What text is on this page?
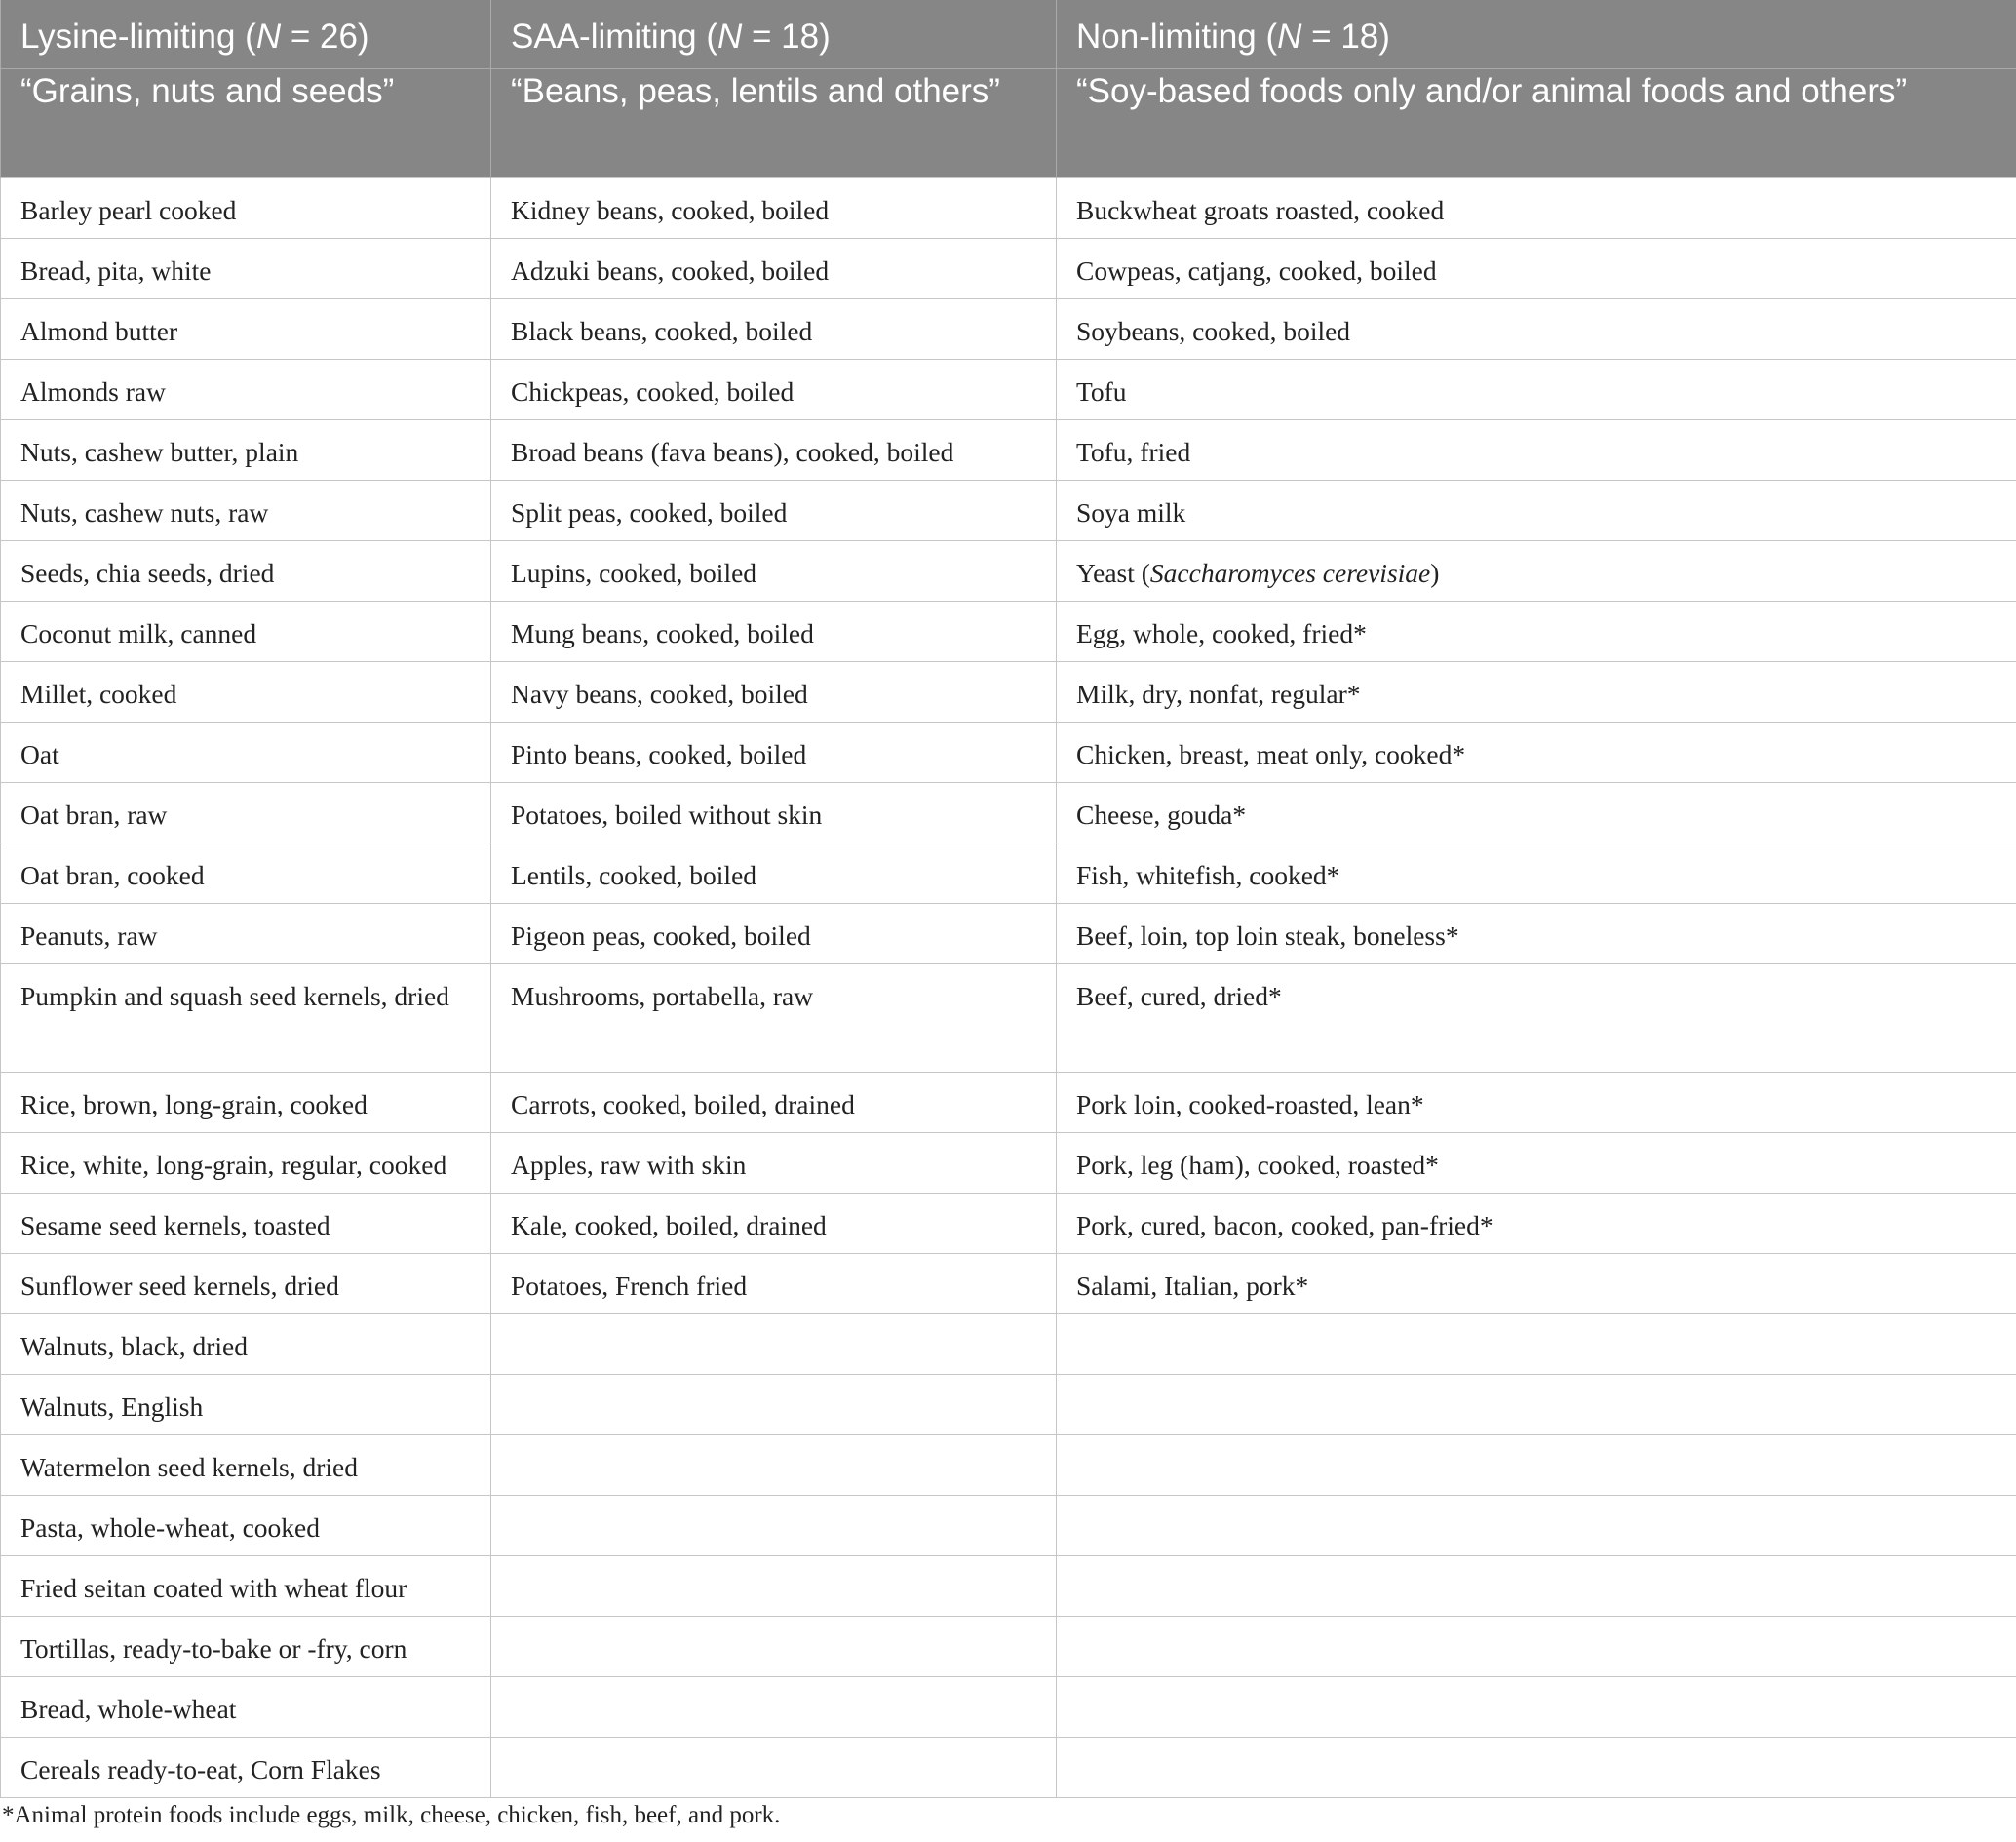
Lysine-limiting (N = 26)	SAA-limiting (N = 18)	Non-limiting (N = 18)
“Grains, nuts and seeds”	“Beans, peas, lentils and others”	“Soy-based foods only and/or animal foods and others”
Barley pearl cooked	Kidney beans, cooked, boiled	Buckwheat groats roasted, cooked
Bread, pita, white	Adzuki beans, cooked, boiled	Cowpeas, catjang, cooked, boiled
Almond butter	Black beans, cooked, boiled	Soybeans, cooked, boiled
Almonds raw	Chickpeas, cooked, boiled	Tofu
Nuts, cashew butter, plain	Broad beans (fava beans), cooked, boiled	Tofu, fried
Nuts, cashew nuts, raw	Split peas, cooked, boiled	Soya milk
Seeds, chia seeds, dried	Lupins, cooked, boiled	Yeast (Saccharomyces cerevisiae)
Coconut milk, canned	Mung beans, cooked, boiled	Egg, whole, cooked, fried*
Millet, cooked	Navy beans, cooked, boiled	Milk, dry, nonfat, regular*
Oat	Pinto beans, cooked, boiled	Chicken, breast, meat only, cooked*
Oat bran, raw	Potatoes, boiled without skin	Cheese, gouda*
Oat bran, cooked	Lentils, cooked, boiled	Fish, whitefish, cooked*
Peanuts, raw	Pigeon peas, cooked, boiled	Beef, loin, top loin steak, boneless*
Pumpkin and squash seed kernels, dried	Mushrooms, portabella, raw	Beef, cured, dried*
Rice, brown, long-grain, cooked	Carrots, cooked, boiled, drained	Pork loin, cooked-roasted, lean*
Rice, white, long-grain, regular, cooked	Apples, raw with skin	Pork, leg (ham), cooked, roasted*
Sesame seed kernels, toasted	Kale, cooked, boiled, drained	Pork, cured, bacon, cooked, pan-fried*
Sunflower seed kernels, dried	Potatoes, French fried	Salami, Italian, pork*
Walnuts, black, dried		
Walnuts, English		
Watermelon seed kernels, dried		
Pasta, whole-wheat, cooked		
Fried seitan coated with wheat flour		
Tortillas, ready-to-bake or -fry, corn		
Bread, whole-wheat		
Cereals ready-to-eat, Corn Flakes		

*Animal protein foods include eggs, milk, cheese, chicken, fish, beef, and pork.
